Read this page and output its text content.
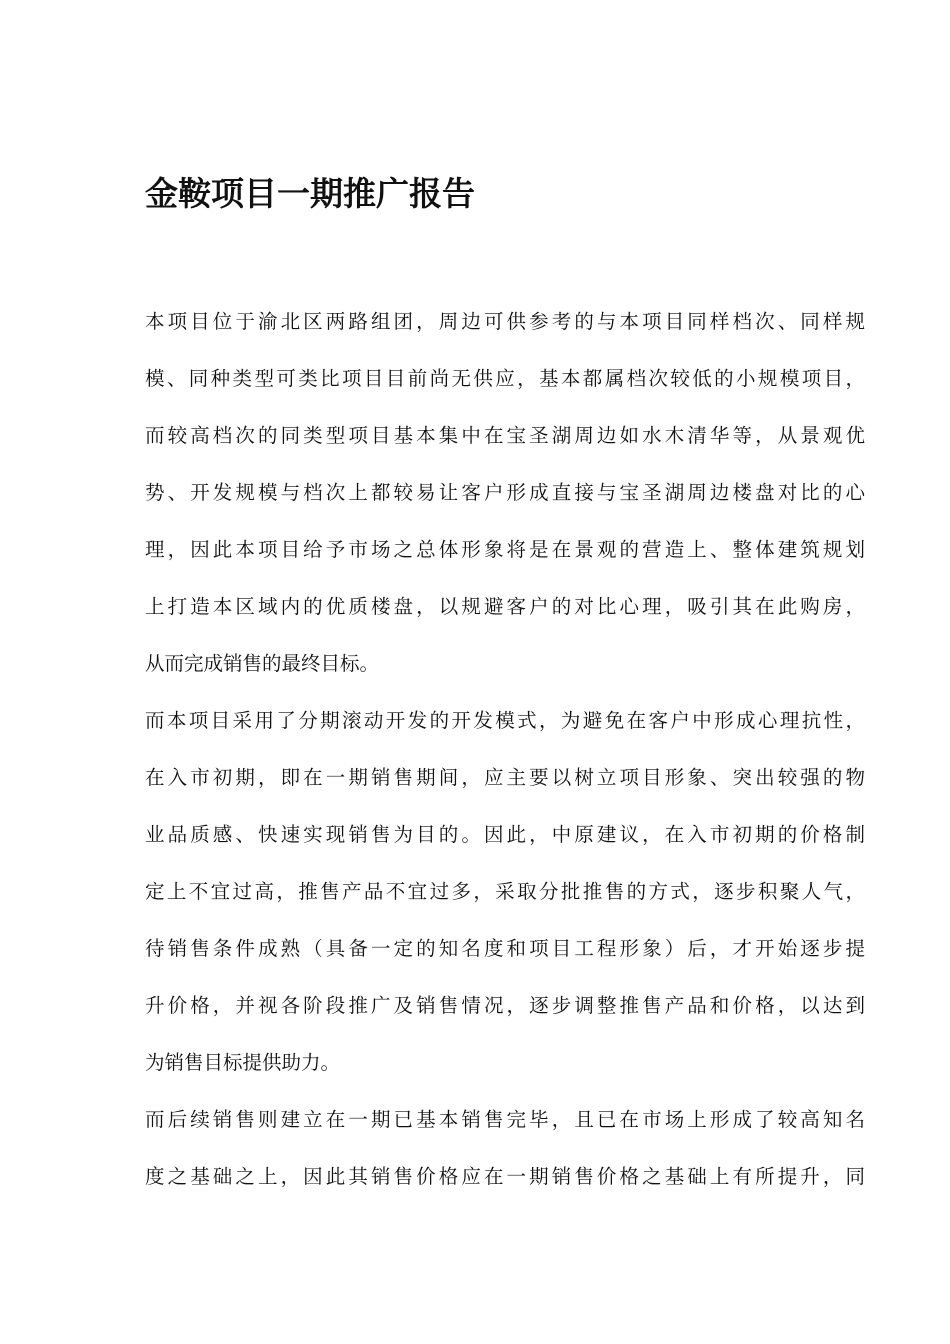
金鞍项目一期推广报告
本项目位于渝北区两路组团，周边可供参考的与本项目同样档次、同样规
模、同种类型可类比项目目前尚无供应，基本都属档次较低的小规模项目，
而较高档次的同类型项目基本集中在宝圣湖周边如水木清华等，从景观优
势、开发规模与档次上都较易让客户形成直接与宝圣湖周边楼盘对比的心
理，因此本项目给予市场之总体形象将是在景观的营造上、整体建筑规划
上打造本区域内的优质楼盘，以规避客户的对比心理，吸引其在此购房，
从而完成销售的最终目标。
而本项目采用了分期滚动开发的开发模式，为避免在客户中形成心理抗性，
在入市初期，即在一期销售期间，应主要以树立项目形象、突出较强的物
业品质感、快速实现销售为目的。因此，中原建议，在入市初期的价格制
定上不宜过高，推售产品不宜过多，采取分批推售的方式，逐步积聚人气，
待销售条件成熟（具备一定的知名度和项目工程形象）后，才开始逐步提
升价格，并视各阶段推广及销售情况，逐步调整推售产品和价格，以达到
为销售目标提供助力。
而后续销售则建立在一期已基本销售完毕，且已在市场上形成了较高知名
度之基础之上，因此其销售价格应在一期销售价格之基础上有所提升，同
